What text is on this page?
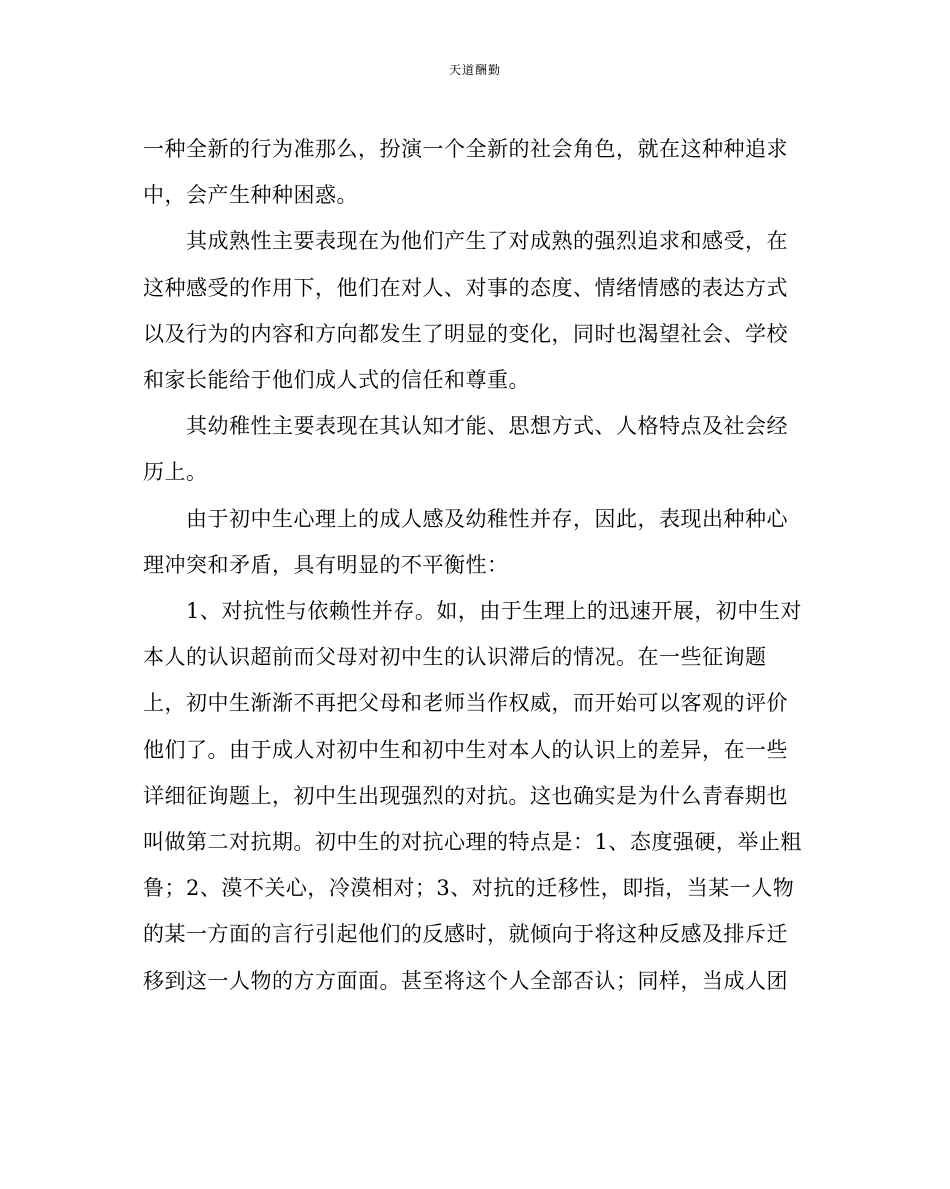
天道酬勤

一种全新的行为准那么，扮演一个全新的社会角色，就在这种种追求

中，会产生种种困惑。

其成熟性主要表现在为他们产生了对成熟的强烈追求和感受，在

这种感受的作用下，他们在对人、对事的态度、情绪情感的表达方式

以及行为的内容和方向都发生了明显的变化，同时也渴望社会、学校

和家长能给于他们成人式的信任和尊重。

其幼稚性主要表现在其认知才能、思想方式、人格特点及社会经

历上。

由于初中生心理上的成人感及幼稚性并存，因此，表现出种种心

理冲突和矛盾，具有明显的不平衡性：

1、对抗性与依赖性并存。如，由于生理上的迅速开展，初中生对

本人的认识超前而父母对初中生的认识滞后的情况。在一些征询题

上，初中生渐渐不再把父母和老师当作权威，而开始可以客观的评价

他们了。由于成人对初中生和初中生对本人的认识上的差异，在一些

详细征询题上，初中生出现强烈的对抗。这也确实是为什么青春期也

叫做第二对抗期。初中生的对抗心理的特点是：1、态度强硬，举止粗

鲁；2、漠不关心，冷漠相对；3、对抗的迁移性，即指，当某一人物

的某一方面的言行引起他们的反感时，就倾向于将这种反感及排斥迁

移到这一人物的方方面面。甚至将这个人全部否认；同样，当成人团
